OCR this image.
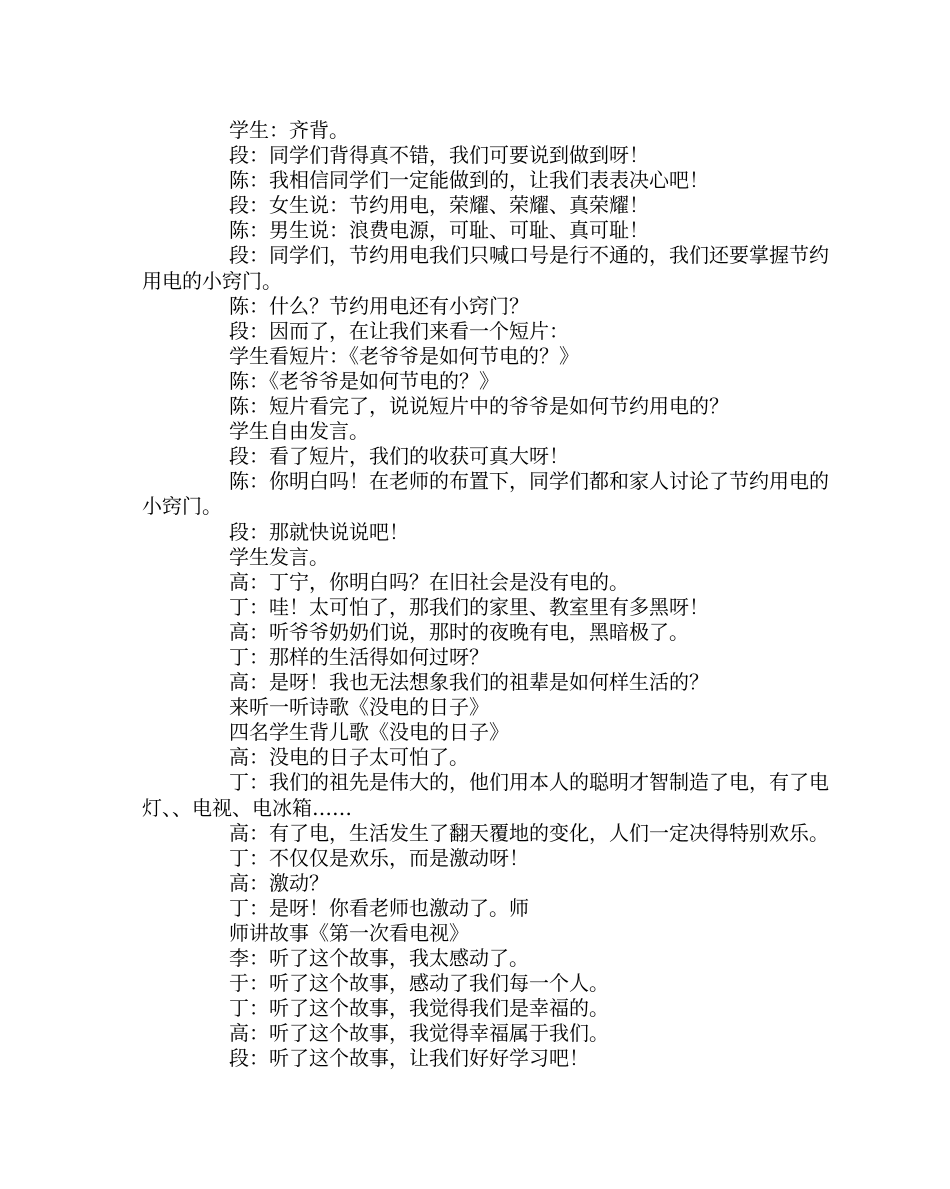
学生：齐背。

段：同学们背得真不错，我们可要说到做到呀！

陈：我相信同学们一定能做到的，让我们表表决心吧！

段：女生说：节约用电，荣耀、荣耀、真荣耀！

陈：男生说：浪费电源，可耻、可耻、真可耻！

段：同学们，节约用电我们只喊口号是行不通的，我们还要掌握节约用电的小窍门。

陈：什么？节约用电还有小窍门？

段：因而了，在让我们来看一个短片：

学生看短片：《老爷爷是如何节电的？》

陈：《老爷爷是如何节电的？》

陈：短片看完了，说说短片中的爷爷是如何节约用电的？

学生自由发言。

段：看了短片，我们的收获可真大呀！

陈：你明白吗！在老师的布置下，同学们都和家人讨论了节约用电的小窍门。

段：那就快说说吧！

学生发言。

高：丁宁，你明白吗？在旧社会是没有电的。

丁：哇！太可怕了，那我们的家里、教室里有多黑呀！

高：听爷爷奶奶们说，那时的夜晚有电，黑暗极了。

丁：那样的生活得如何过呀？

高：是呀！我也无法想象我们的祖辈是如何样生活的？

来听一听诗歌《没电的日子》

四名学生背儿歌《没电的日子》

高：没电的日子太可怕了。

丁：我们的祖先是伟大的，他们用本人的聪明才智制造了电，有了电灯、、电视、电冰箱……

高：有了电，生活发生了翻天覆地的变化，人们一定决得特别欢乐。

丁：不仅仅是欢乐，而是激动呀！

高：激动？

丁：是呀！你看老师也激动了。师

师讲故事《第一次看电视》

李：听了这个故事，我太感动了。

于：听了这个故事，感动了我们每一个人。

丁：听了这个故事，我觉得我们是幸福的。

高：听了这个故事，我觉得幸福属于我们。

段：听了这个故事，让我们好好学习吧！
